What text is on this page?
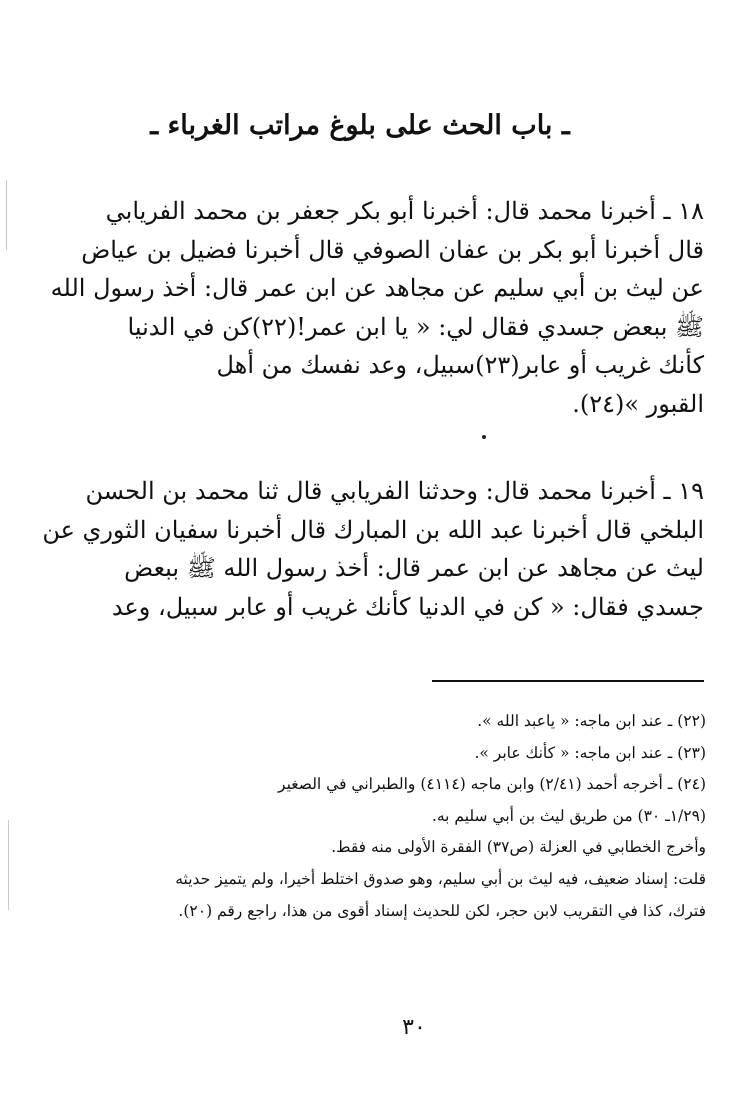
ـ باب الحث على بلوغ مراتب الغرباء ـ
١٨ ـ أخبرنا محمد قال: أخبرنا أبو بكر جعفر بن محمد الفريابي
قال أخبرنا أبو بكر بن عفان الصوفي قال أخبرنا فضيل بن عياض
عن ليث بن أبي سليم عن مجاهد عن ابن عمر قال: أخذ رسول الله
ﷺ ببعض جسدي فقال لي: « يا ابن عمر!(٢٢)كن في الدنيا
كأنك غريب أو عابر(٢٣)سبيل، وعد نفسك من أهل
القبور »(٢٤).
١٩ ـ أخبرنا محمد قال: وحدثنا الفريابي قال ثنا محمد بن الحسن
البلخي قال أخبرنا عبد الله بن المبارك قال أخبرنا سفيان الثوري عن
ليث عن مجاهد عن ابن عمر قال: أخذ رسول الله ﷺ ببعض
جسدي فقال: « كن في الدنيا كأنك غريب أو عابر سبيل، وعد
(٢٢) ـ عند ابن ماجه: « ياعبد الله ».
(٢٣) ـ عند ابن ماجه: « كأنك عابر ».
(٢٤) ـ أخرجه أحمد (٢/٤١) وابن ماجه (٤١١٤) والطبراني في الصغير
(١/٢٩ـ ٣٠) من طريق ليث بن أبي سليم به.
وأخرج الخطابي في العزلة (ص٣٧) الفقرة الأولى منه فقط.
قلت: إسناد ضعيف، فيه ليث بن أبي سليم، وهو صدوق اختلط أخيرا، ولم يتميز حديثه
فترك، كذا في التقريب لابن حجر، لكن للحديث إسناد أقوى من هذا، راجع رقم (٢٠).
٣٠
